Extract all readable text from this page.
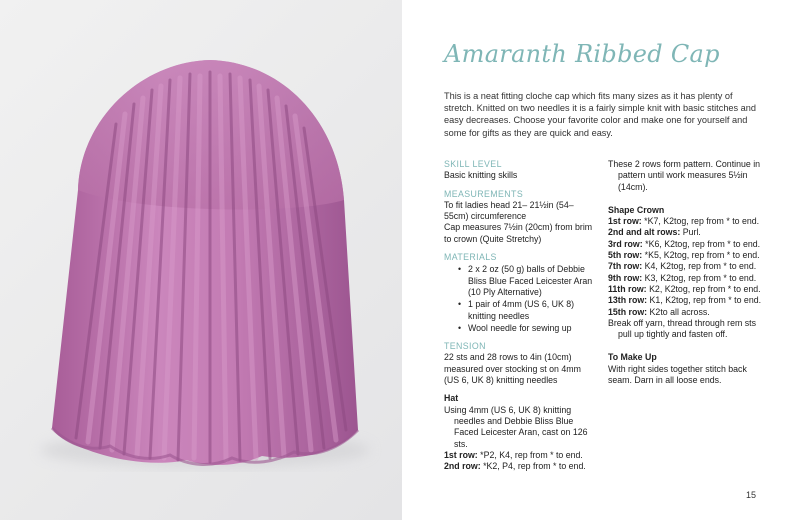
Amaranth Ribbed Cap
This is a neat fitting cloche cap which fits many sizes as it has plenty of stretch. Knitted on two needles it is a fairly simple knit with basic stitches and easy decreases. Choose your favorite color and make one for yourself and some for gifts as they are quick and easy.
SKILL LEVEL
Basic knitting skills
MEASUREMENTS
To fit ladies head 21– 21½in (54–55cm) circumference
Cap measures 7½in (20cm) from brim to crown (Quite Stretchy)
MATERIALS
• 2 x 2 oz (50 g) balls of Debbie Bliss Blue Faced Leicester Aran (10 Ply Alternative)
• 1 pair of 4mm (US 6, UK 8) knitting needles
• Wool needle for sewing up
TENSION
22 sts and 28 rows to 4in (10cm) measured over stocking st on 4mm (US 6, UK 8) knitting needles
Hat
Using 4mm (US 6, UK 8) knitting needles and Debbie Bliss Blue Faced Leicester Aran, cast on 126 sts.
1st row: *P2, K4, rep from * to end.
2nd row: *K2, P4, rep from * to end.
These 2 rows form pattern. Continue in pattern until work measures 5½in (14cm).
Shape Crown
1st row: *K7, K2tog, rep from * to end.
2nd and alt rows: Purl.
3rd row: *K6, K2tog, rep from * to end.
5th row: *K5, K2tog, rep from * to end.
7th row: K4, K2tog, rep from * to end.
9th row: K3, K2tog, rep from * to end.
11th row: K2, K2tog, rep from * to end.
13th row: K1, K2tog, rep from * to end.
15th row: K2to all across.
Break off yarn, thread through rem sts pull up tightly and fasten off.
To Make Up
With right sides together stitch back seam. Darn in all loose ends.
15
